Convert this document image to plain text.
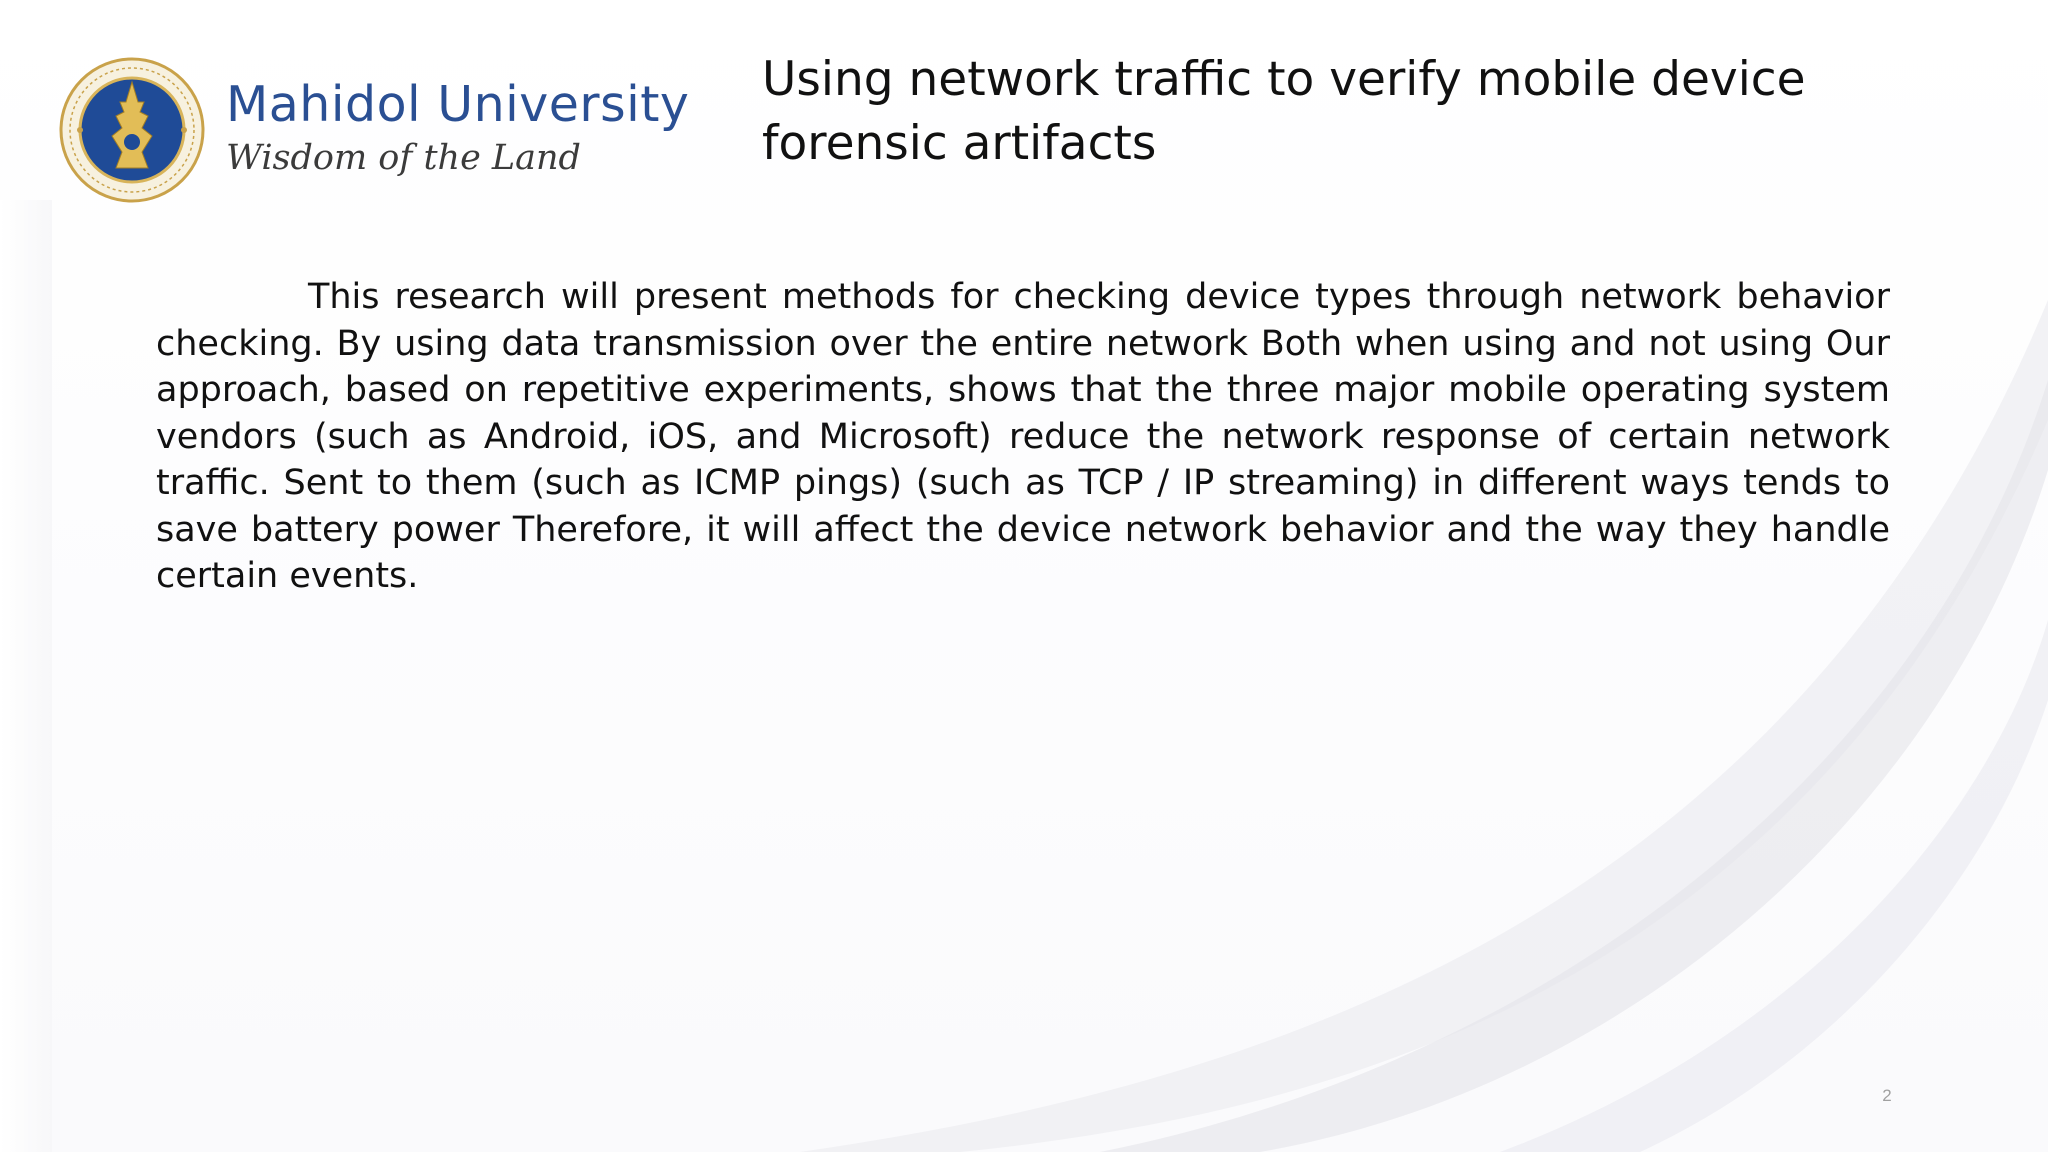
Mahidol University
Wisdom of the Land
Using network traffic to verify mobile device forensic artifacts

This research will present methods for checking device types through network behavior checking. By using data transmission over the entire network Both when using and not using Our approach, based on repetitive experiments, shows that the three major mobile operating system vendors (such as Android, iOS, and Microsoft) reduce the network response of certain network traffic. Sent to them (such as ICMP pings) (such as TCP / IP streaming) in different ways tends to save battery power Therefore, it will affect the device network behavior and the way they handle certain events.

2
